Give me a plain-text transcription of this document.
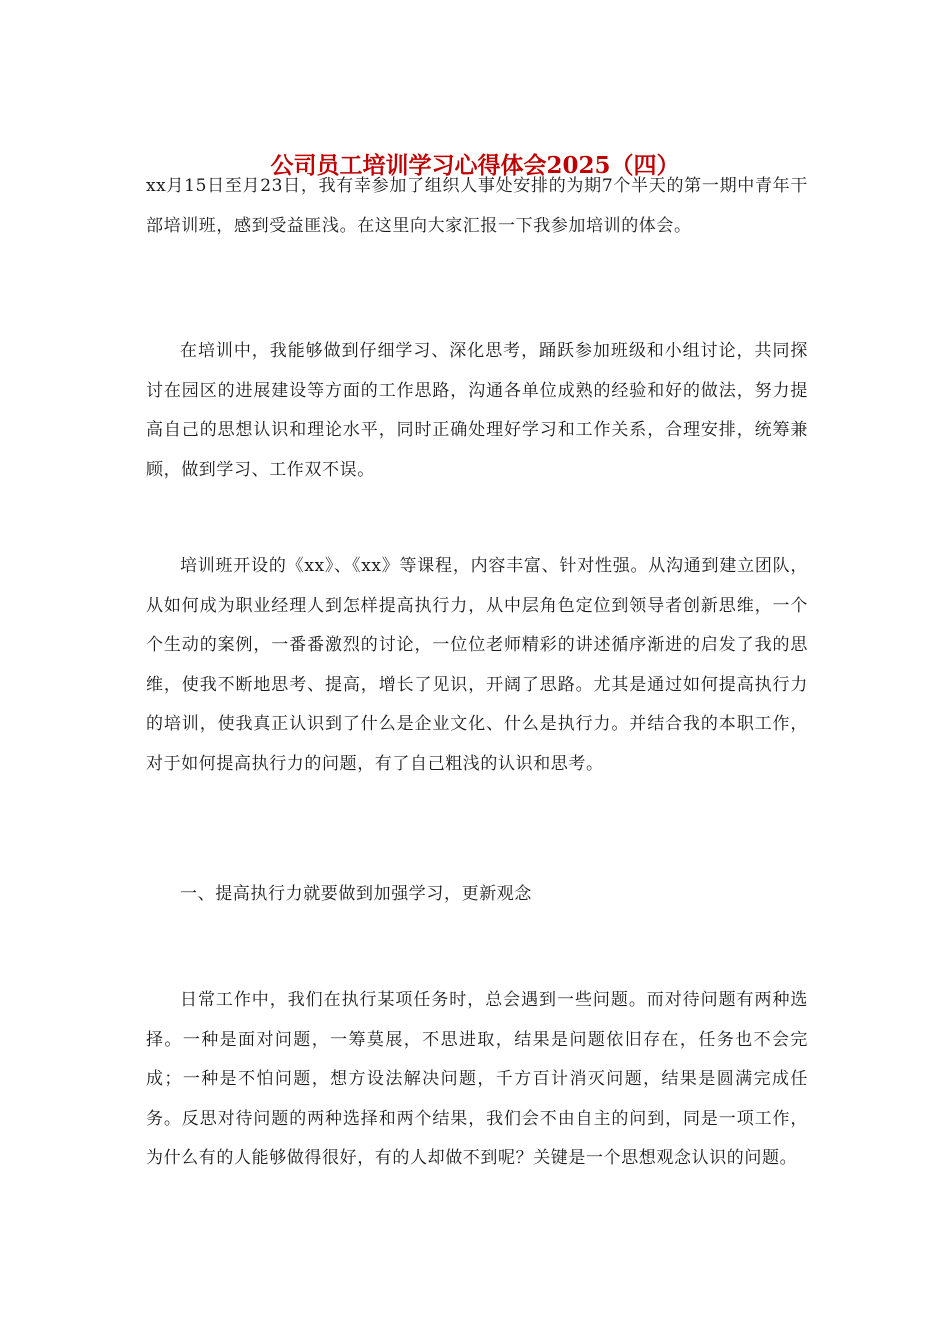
公司员工培训学习心得体会2025（四）

xx月15日至月23日，我有幸参加了组织人事处安排的为期7个半天的第一期中青年干部培训班，感到受益匪浅。在这里向大家汇报一下我参加培训的体会。

在培训中，我能够做到仔细学习、深化思考，踊跃参加班级和小组讨论，共同探讨在园区的进展建设等方面的工作思路，沟通各单位成熟的经验和好的做法，努力提高自己的思想认识和理论水平，同时正确处理好学习和工作关系，合理安排，统筹兼顾，做到学习、工作双不误。

培训班开设的《xx》、《xx》等课程，内容丰富、针对性强。从沟通到建立团队，从如何成为职业经理人到怎样提高执行力，从中层角色定位到领导者创新思维，一个个生动的案例，一番番激烈的讨论，一位位老师精彩的讲述循序渐进的启发了我的思维，使我不断地思考、提高，增长了见识，开阔了思路。尤其是通过如何提高执行力的培训，使我真正认识到了什么是企业文化、什么是执行力。并结合我的本职工作，对于如何提高执行力的问题，有了自己粗浅的认识和思考。

一、提高执行力就要做到加强学习，更新观念

日常工作中，我们在执行某项任务时，总会遇到一些问题。而对待问题有两种选择。一种是面对问题，一筹莫展，不思进取，结果是问题依旧存在，任务也不会完成；一种是不怕问题，想方设法解决问题，千方百计消灭问题，结果是圆满完成任务。反思对待问题的两种选择和两个结果，我们会不由自主的问到，同是一项工作，为什么有的人能够做得很好，有的人却做不到呢？关键是一个思想观念认识的问题。
